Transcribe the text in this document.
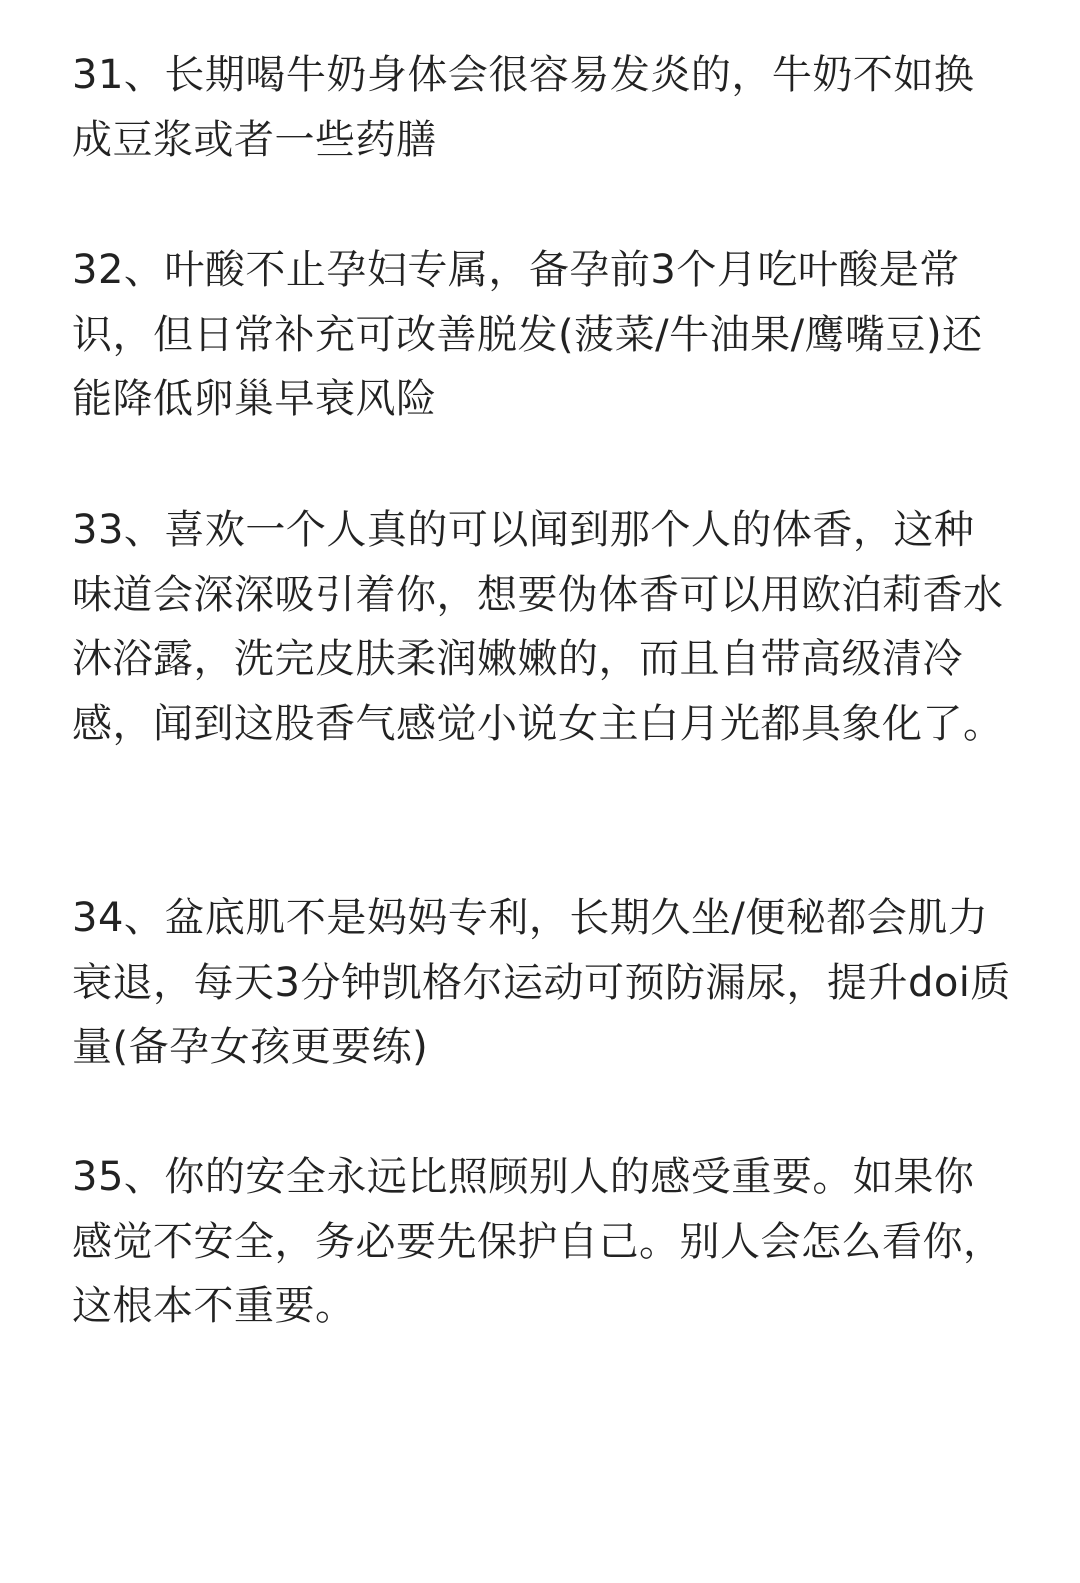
31、长期喝牛奶身体会很容易发炎的，牛奶不如换成豆浆或者一些药膳

32、叶酸不止孕妇专属，备孕前3个月吃叶酸是常识，但日常补充可改善脱发(菠菜/牛油果/鹰嘴豆)还能降低卵巢早衰风险

33、喜欢一个人真的可以闻到那个人的体香，这种味道会深深吸引着你，想要伪体香可以用欧泊莉香水沐浴露，洗完皮肤柔润嫩嫩的，而且自带高级清冷感，闻到这股香气感觉小说女主白月光都具象化了。

34、盆底肌不是妈妈专利，长期久坐/便秘都会肌力衰退，每天3分钟凯格尔运动可预防漏尿，提升doi质量(备孕女孩更要练)

35、你的安全永远比照顾别人的感受重要。如果你感觉不安全，务必要先保护自己。别人会怎么看你，这根本不重要。
